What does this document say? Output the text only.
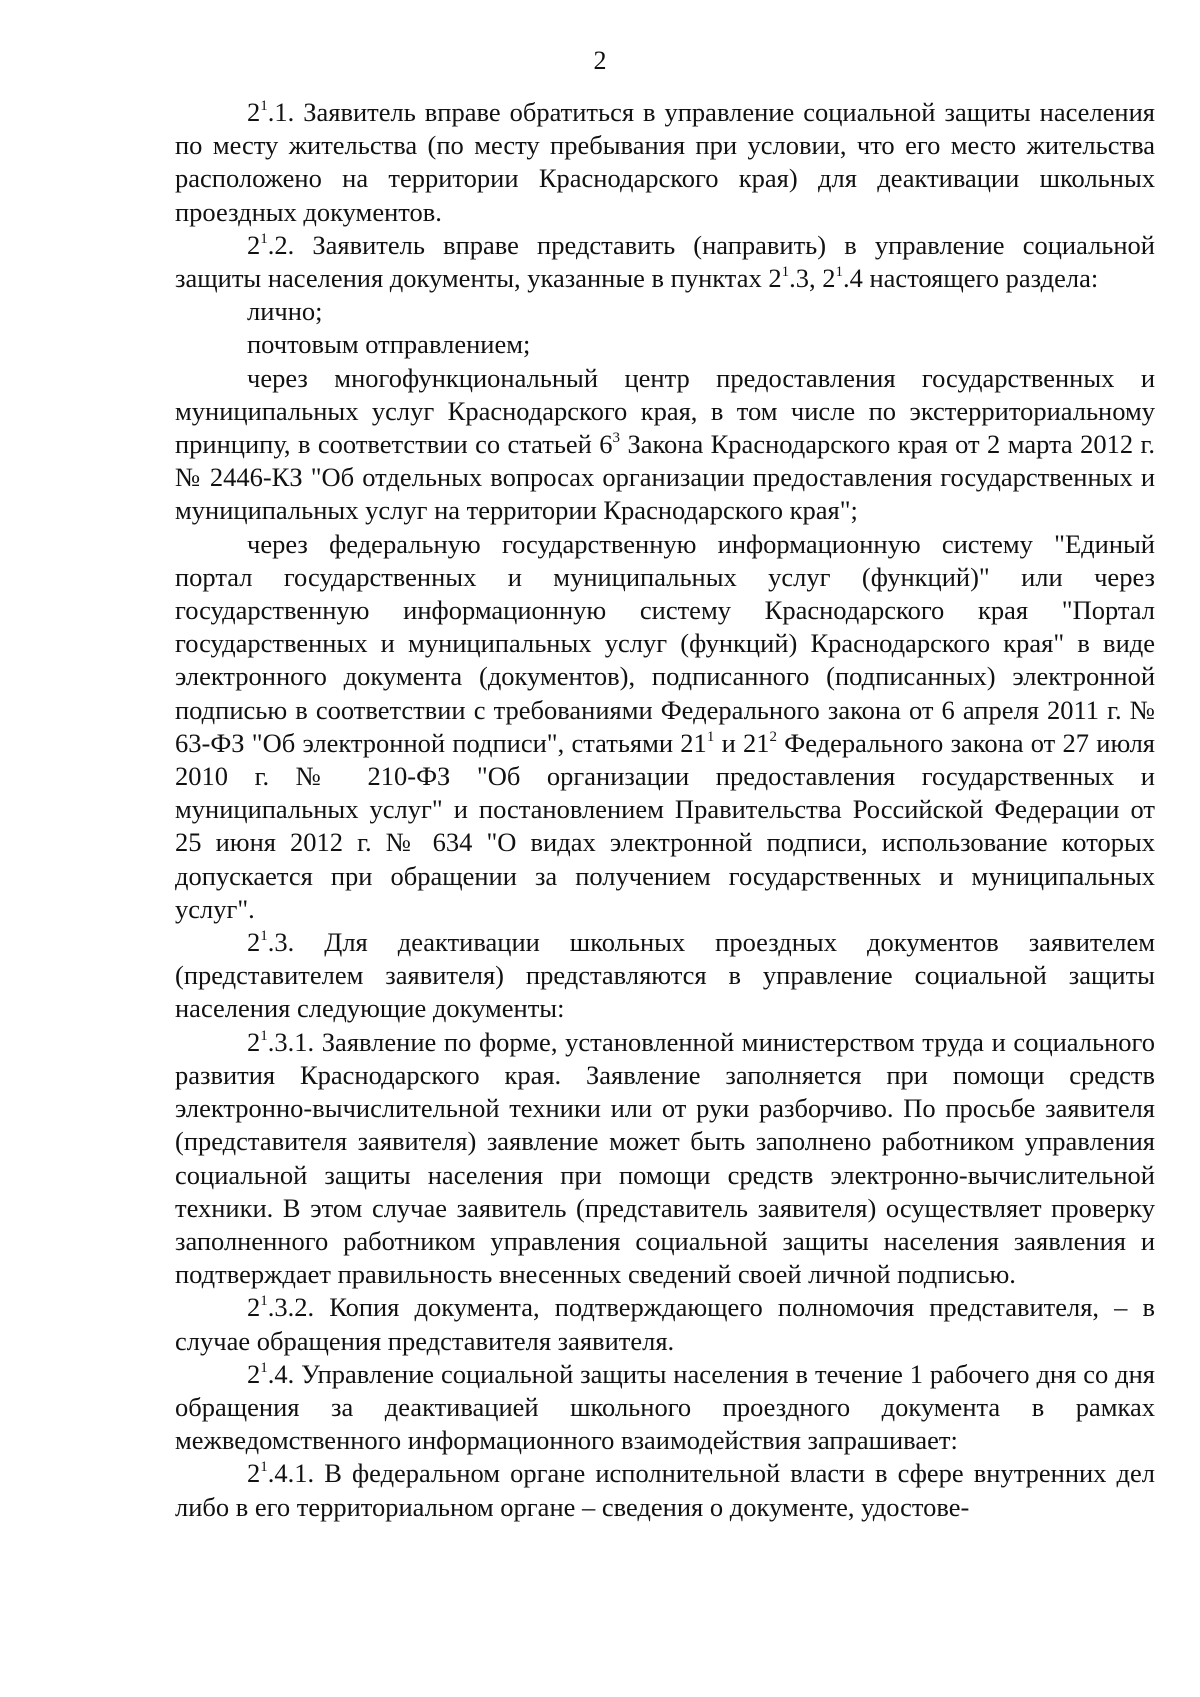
2

$2^1.1$. Заявитель вправе обратиться в управление социальной защиты населения по месту жительства (по месту пребывания при условии, что его место жительства расположено на территории Краснодарского края) для деактивации школьных проездных документов.

$2^1.2$. Заявитель вправе представить (направить) в управление социальной защиты населения документы, указанные в пунктах $2^1.3$, $2^1.4$ настоящего раздела:

лично;

почтовым отправлением;

через многофункциональный центр предоставления государственных и муниципальных услуг Краснодарского края, в том числе по экстерриториальному принципу, в соответствии со статьей $6^3$ Закона Краснодарского края от 2 марта 2012 г. № 2446-КЗ "Об отдельных вопросах организации предоставления государственных и муниципальных услуг на территории Краснодарского края";

через федеральную государственную информационную систему "Единый портал государственных и муниципальных услуг (функций)" или через государственную информационную систему Краснодарского края "Портал государственных и муниципальных услуг (функций) Краснодарского края" в виде электронного документа (документов), подписанного (подписанных) электронной подписью в соответствии с требованиями Федерального закона от 6 апреля 2011 г. № 63-ФЗ "Об электронной подписи", статьями $21^1$ и $21^2$ Федерального закона от 27 июля 2010 г. № 210-ФЗ "Об организации предоставления государственных и муниципальных услуг" и постановлением Правительства Российской Федерации от 25 июня 2012 г. № 634 "О видах электронной подписи, использование которых допускается при обращении за получением государственных и муниципальных услуг".

$2^1.3$. Для деактивации школьных проездных документов заявителем (представителем заявителя) представляются в управление социальной защиты населения следующие документы:

$2^1.3.1$. Заявление по форме, установленной министерством труда и социального развития Краснодарского края. Заявление заполняется при помощи средств электронно-вычислительной техники или от руки разборчиво. По просьбе заявителя (представителя заявителя) заявление может быть заполнено работником управления социальной защиты населения при помощи средств электронно-вычислительной техники. В этом случае заявитель (представитель заявителя) осуществляет проверку заполненного работником управления социальной защиты населения заявления и подтверждает правильность внесенных сведений своей личной подписью.

$2^1.3.2$. Копия документа, подтверждающего полномочия представителя, – в случае обращения представителя заявителя.

$2^1.4$. Управление социальной защиты населения в течение 1 рабочего дня со дня обращения за деактивацией школьного проездного документа в рамках межведомственного информационного взаимодействия запрашивает:

$2^1.4.1$. В федеральном органе исполнительной власти в сфере внутренних дел либо в его территориальном органе – сведения о документе, удостове-
